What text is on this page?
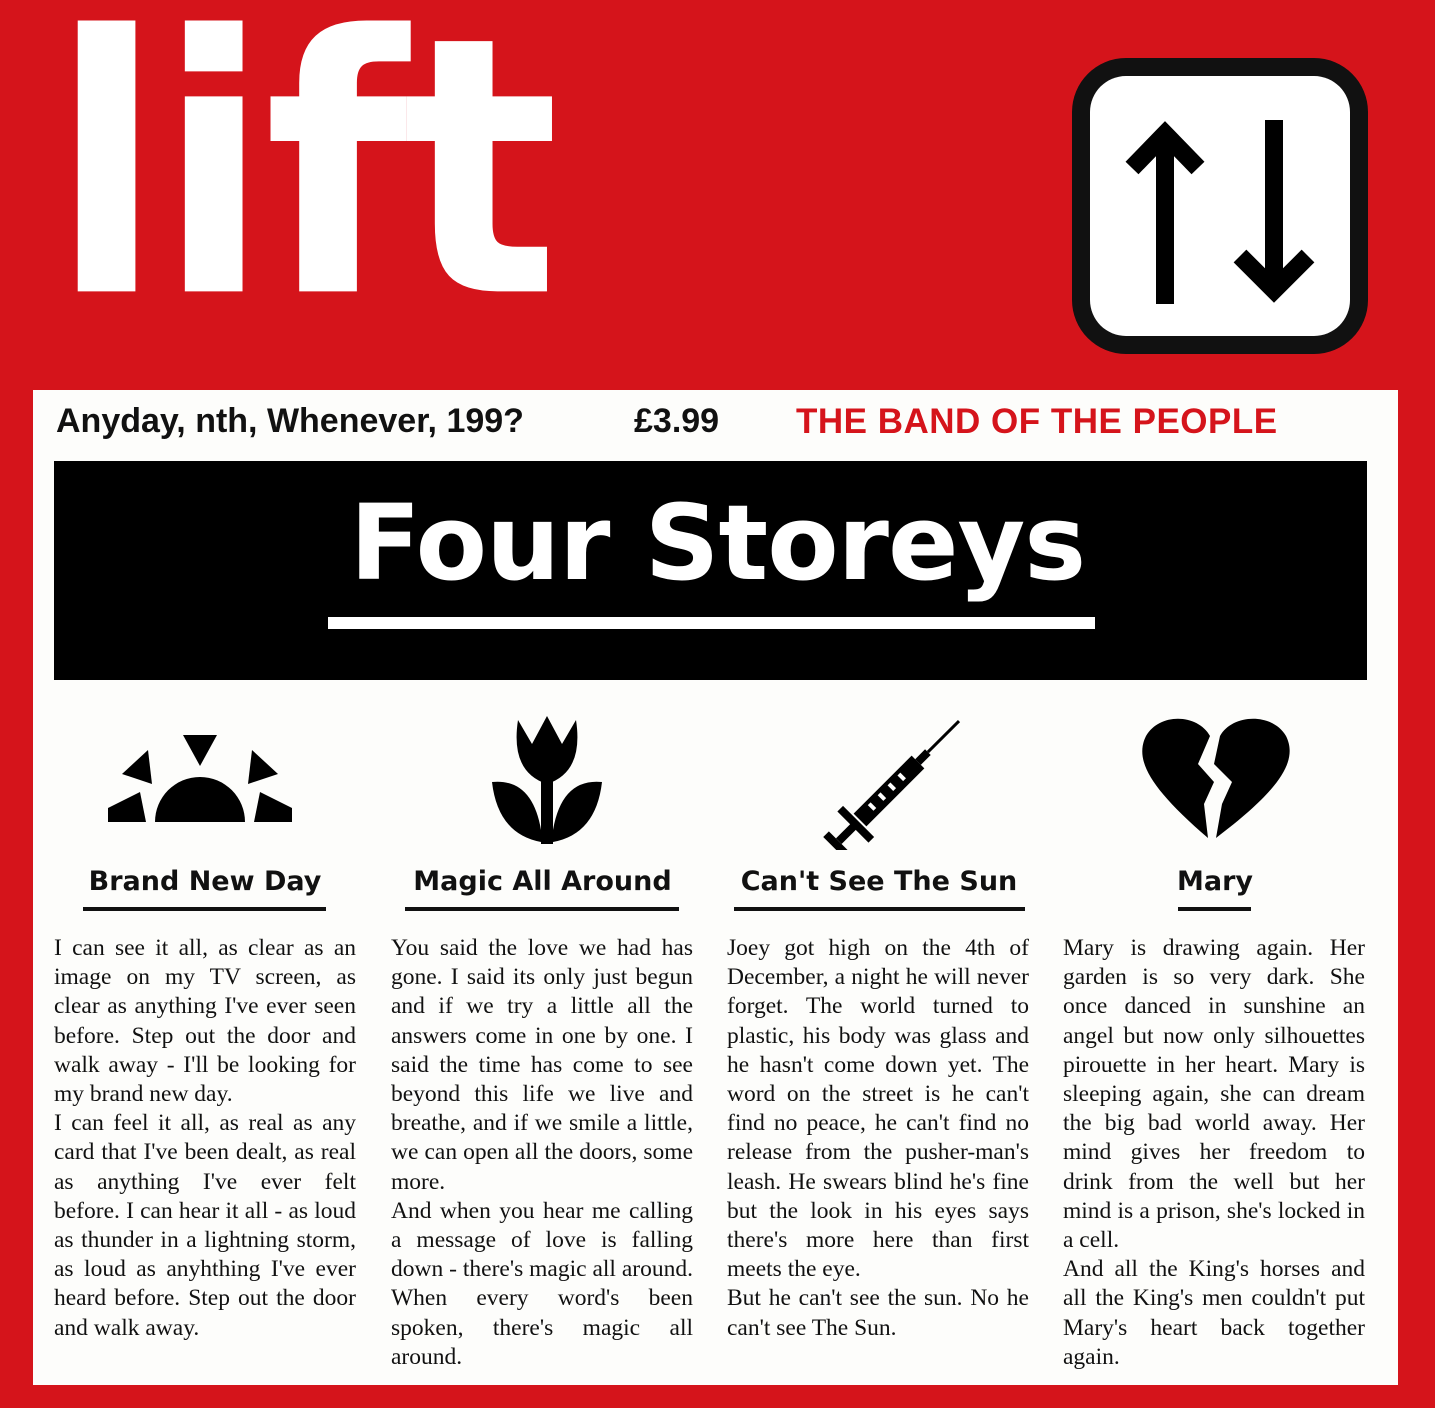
lift
Anyday, nth, Whenever, 199?	£3.99 THE BAND OF THE PEOPLE
Four Storeys
Brand New Day	Magic All Around	Can't See The Sun	Mary
I can see it all, as clear as an image on my TV screen, as clear as anything I've ever seen before. Step out the door and walk away - I'll be looking for my brand new day.
I can feel it all, as real as any card that I've been dealt, as real as anything I've ever felt before. I can hear it all - as loud as thunder in a lightning storm, as loud as anyhthing I've ever heard before. Step out the door and walk away.
You said the love we had has gone. I said its only just begun and if we try a little all the answers come in one by one. I said the time has come to see beyond this life we live and breathe, and if we smile a little, we can open all the doors, some more.
And when you hear me calling a message of love is falling down - there's magic all around. When every word's been spoken, there's magic all around.
Joey got high on the 4th of December, a night he will never forget. The world turned to plastic, his body was glass and he hasn't come down yet. The word on the street is he can't find no peace, he can't find no release from the pusher-man's leash. He swears blind he's fine but the look in his eyes says there's more here than first meets the eye.
But he can't see the sun. No he can't see The Sun.
Mary is drawing again. Her garden is so very dark. She once danced in sunshine an angel but now only silhouettes pirouette in her heart. Mary is sleeping again, she can dream the big bad world away. Her mind gives her freedom to drink from the well but her mind is a prison, she's locked in a cell.
And all the King's horses and all the King's men couldn't put Mary's heart back together again.
